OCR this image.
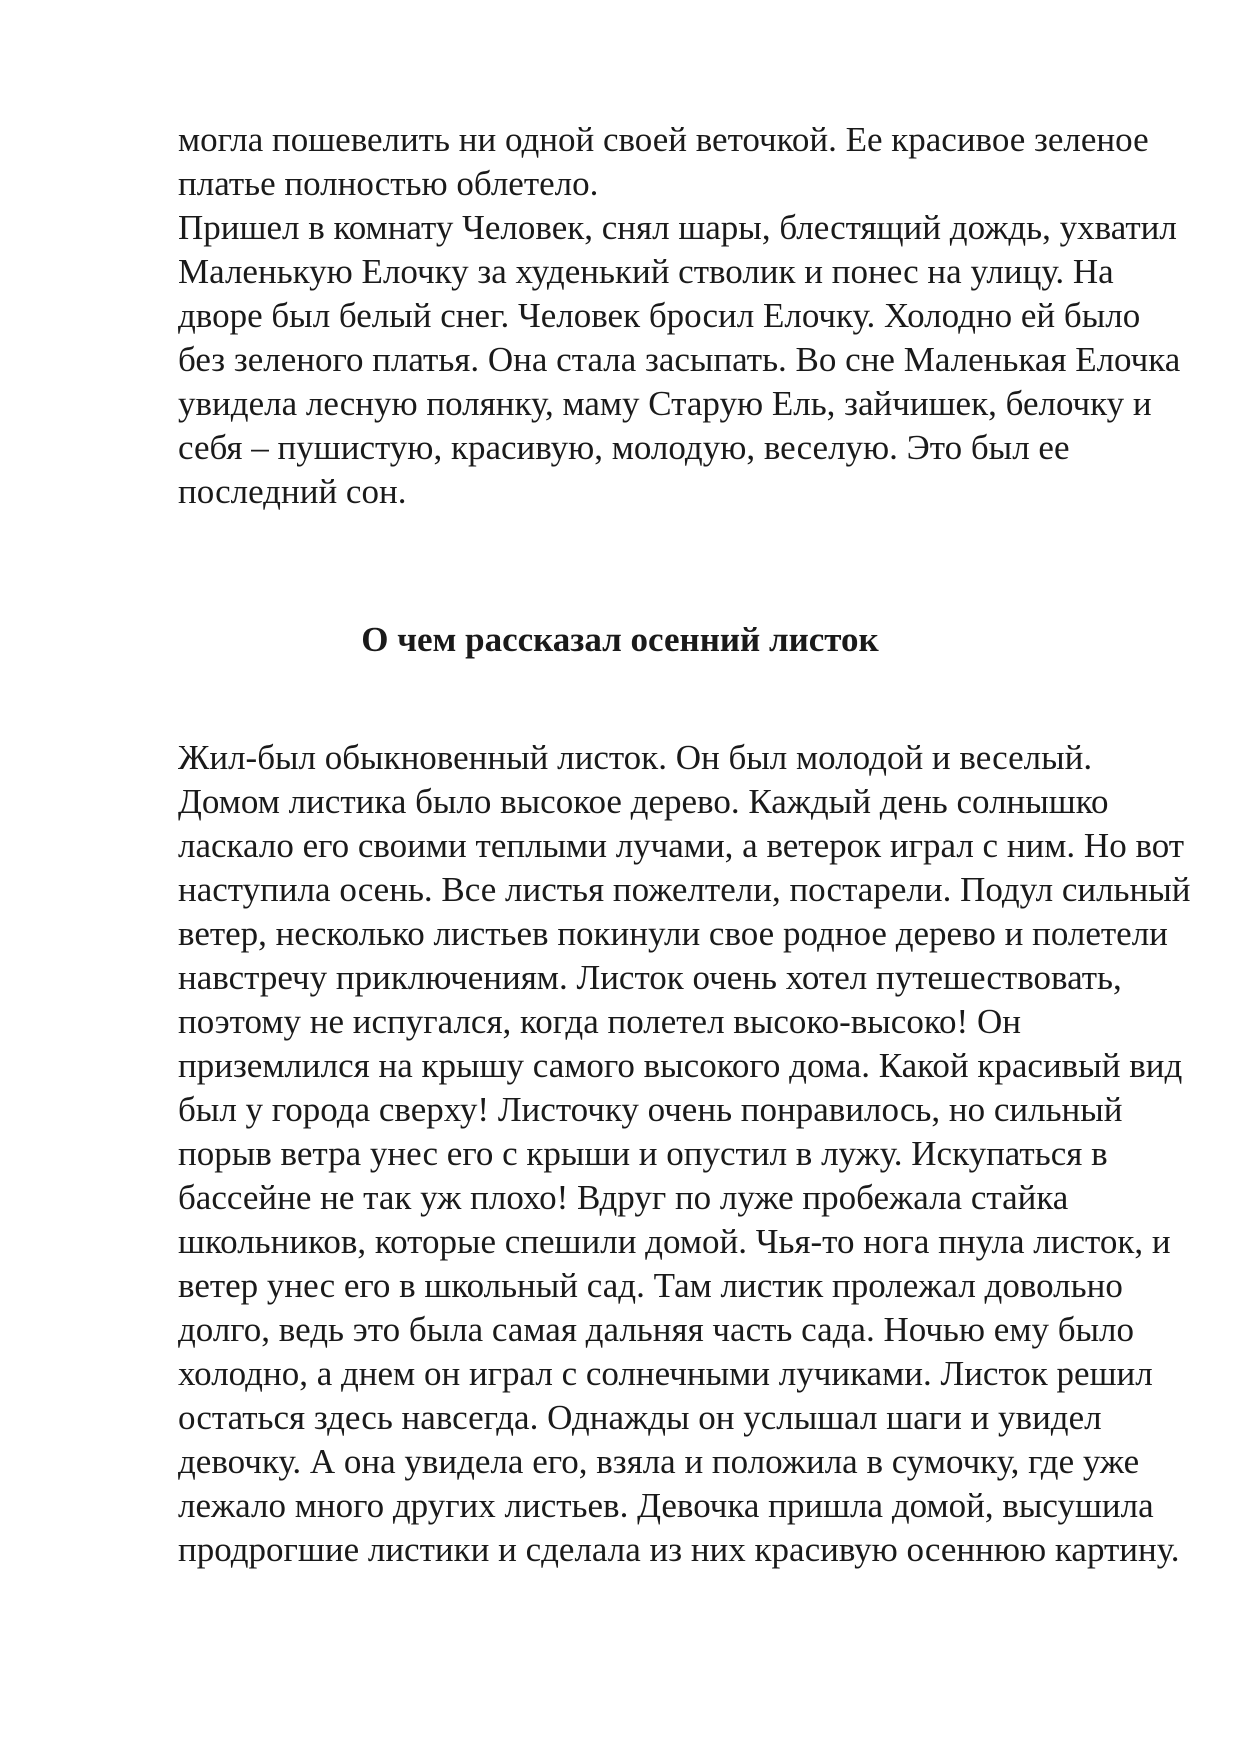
могла пошевелить ни одной своей веточкой. Ее красивое зеленое
платье полностью облетело.
Пришел в комнату Человек, снял шары, блестящий дождь, ухватил
Маленькую Елочку за худенький стволик и понес на улицу. На
дворе был белый снег. Человек бросил Елочку. Холодно ей было
без зеленого платья. Она стала засыпать. Во сне Маленькая Елочка
увидела лесную полянку, маму Старую Ель, зайчишек, белочку и
себя – пушистую, красивую, молодую, веселую. Это был ее
последний сон.

О чем рассказал осенний листок

Жил-был обыкновенный листок. Он был молодой и веселый.
Домом листика было высокое дерево. Каждый день солнышко
ласкало его своими теплыми лучами, а ветерок играл с ним. Но вот
наступила осень. Все листья пожелтели, постарели. Подул сильный
ветер, несколько листьев покинули свое родное дерево и полетели
навстречу приключениям. Листок очень хотел путешествовать,
поэтому не испугался, когда полетел высоко-высоко! Он
приземлился на крышу самого высокого дома. Какой красивый вид
был у города сверху! Листочку очень понравилось, но сильный
порыв ветра унес его с крыши и опустил в лужу. Искупаться в
бассейне не так уж плохо! Вдруг по луже пробежала стайка
школьников, которые спешили домой. Чья-то нога пнула листок, и
ветер унес его в школьный сад. Там листик пролежал довольно
долго, ведь это была самая дальняя часть сада. Ночью ему было
холодно, а днем он играл с солнечными лучиками. Листок решил
остаться здесь навсегда. Однажды он услышал шаги и увидел
девочку. А она увидела его, взяла и положила в сумочку, где уже
лежало много других листьев. Девочка пришла домой, высушила
продрогшие листики и сделала из них красивую осеннюю картину.
